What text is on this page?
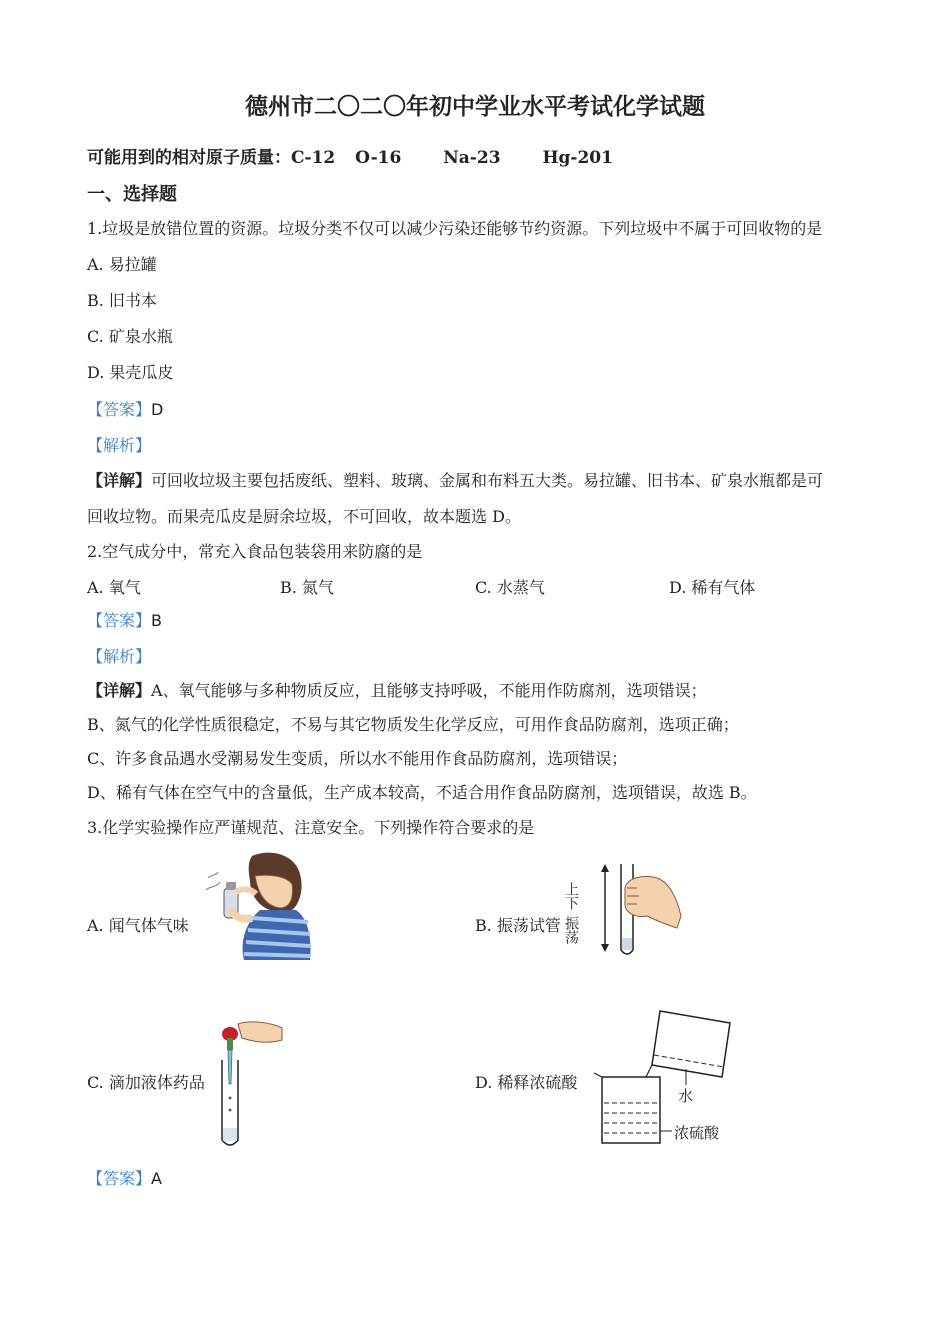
德州市二〇二〇年初中学业水平考试化学试题
可能用到的相对原子质量：C-12 O-16 Na-23 Hg-201
一、选择题
1.垃圾是放错位置的资源。垃圾分类不仅可以减少污染还能够节约资源。下列垃圾中不属于可回收物的是
A. 易拉罐
B. 旧书本
C. 矿泉水瓶
D. 果壳瓜皮
【答案】D
【解析】
【详解】可回收垃圾主要包括废纸、塑料、玻璃、金属和布料五大类。易拉罐、旧书本、矿泉水瓶都是可
回收垃物。而果壳瓜皮是厨余垃圾，不可回收，故本题选 D。
2.空气成分中，常充入食品包装袋用来防腐的是
A. 氧气	B. 氮气	C. 水蒸气	D. 稀有气体
【答案】B
【解析】
【详解】A、氧气能够与多种物质反应，且能够支持呼吸，不能用作防腐剂，选项错误；
B、氮气的化学性质很稳定，不易与其它物质发生化学反应，可用作食品防腐剂，选项正确；
C、许多食品遇水受潮易发生变质，所以水不能用作食品防腐剂，选项错误；
D、稀有气体在空气中的含量低，生产成本较高，不适合用作食品防腐剂，选项错误，故选 B。
3.化学实验操作应严谨规范、注意安全。下列操作符合要求的是
A. 闻气体气味	B. 振荡试管
C. 滴加液体药品	D. 稀释浓硫酸
上下
振荡
水
浓硫酸
【答案】A
